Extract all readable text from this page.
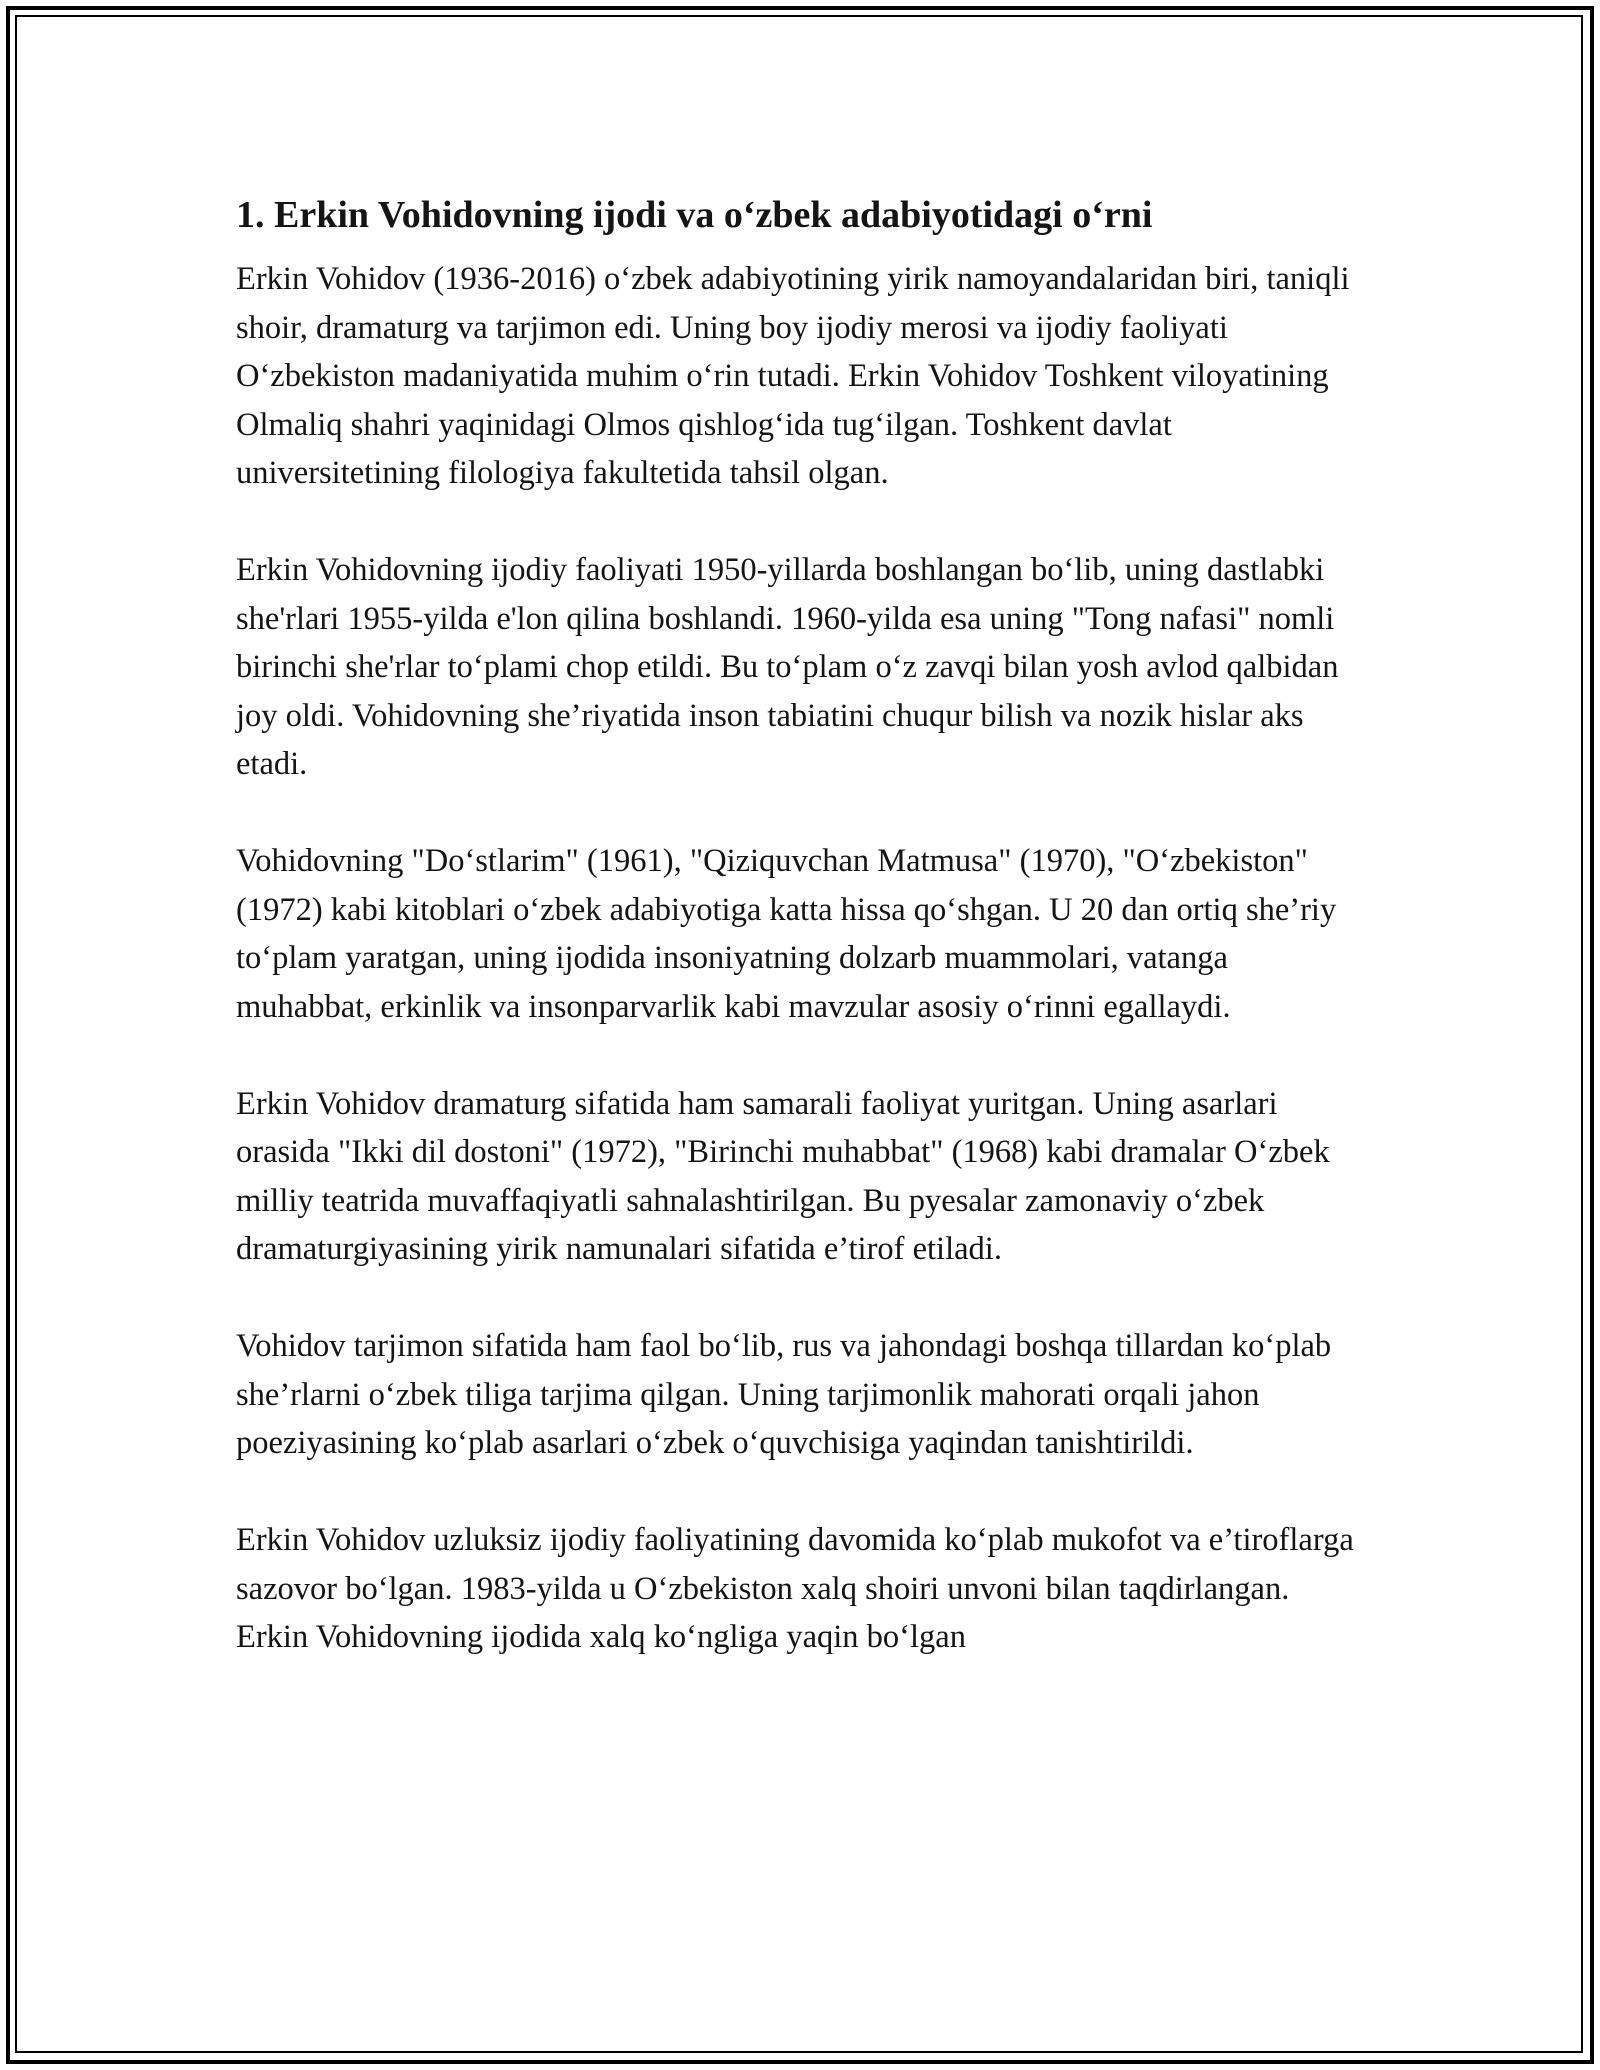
1. Erkin Vohidovning ijodi va o‘zbek adabiyotidagi o‘rni

Erkin Vohidov (1936-2016) o‘zbek adabiyotining yirik namoyandalaridan biri, taniqli shoir, dramaturg va tarjimon edi. Uning boy ijodiy merosi va ijodiy faoliyati O‘zbekiston madaniyatida muhim o‘rin tutadi. Erkin Vohidov Toshkent viloyatining Olmaliq shahri yaqinidagi Olmos qishlog‘ida tug‘ilgan. Toshkent davlat universitetining filologiya fakultetida tahsil olgan.

Erkin Vohidovning ijodiy faoliyati 1950-yillarda boshlangan bo‘lib, uning dastlabki she'rlari 1955-yilda e'lon qilina boshlandi. 1960-yilda esa uning "Tong nafasi" nomli birinchi she'rlar to‘plami chop etildi. Bu to‘plam o‘z zavqi bilan yosh avlod qalbidan joy oldi. Vohidovning she’riyatida inson tabiatini chuqur bilish va nozik hislar aks etadi.

Vohidovning "Do‘stlarim" (1961), "Qiziquvchan Matmusa" (1970), "O‘zbekiston" (1972) kabi kitoblari o‘zbek adabiyotiga katta hissa qo‘shgan. U 20 dan ortiq she’riy to‘plam yaratgan, uning ijodida insoniyatning dolzarb muammolari, vatanga muhabbat, erkinlik va insonparvarlik kabi mavzular asosiy o‘rinni egallaydi.

Erkin Vohidov dramaturg sifatida ham samarali faoliyat yuritgan. Uning asarlari orasida "Ikki dil dostoni" (1972), "Birinchi muhabbat" (1968) kabi dramalar O‘zbek milliy teatrida muvaffaqiyatli sahnalashtirilgan. Bu pyesalar zamonaviy o‘zbek dramaturgiyasining yirik namunalari sifatida e’tirof etiladi.

Vohidov tarjimon sifatida ham faol bo‘lib, rus va jahondagi boshqa tillardan ko‘plab she’rlarni o‘zbek tiliga tarjima qilgan. Uning tarjimonlik mahorati orqali jahon poeziyasining ko‘plab asarlari o‘zbek o‘quvchisiga yaqindan tanishtirildi.

Erkin Vohidov uzluksiz ijodiy faoliyatining davomida ko‘plab mukofot va e’tiroflarga sazovor bo‘lgan. 1983-yilda u O‘zbekiston xalq shoiri unvoni bilan taqdirlangan. Erkin Vohidovning ijodida xalq ko‘ngliga yaqin bo‘lgan
